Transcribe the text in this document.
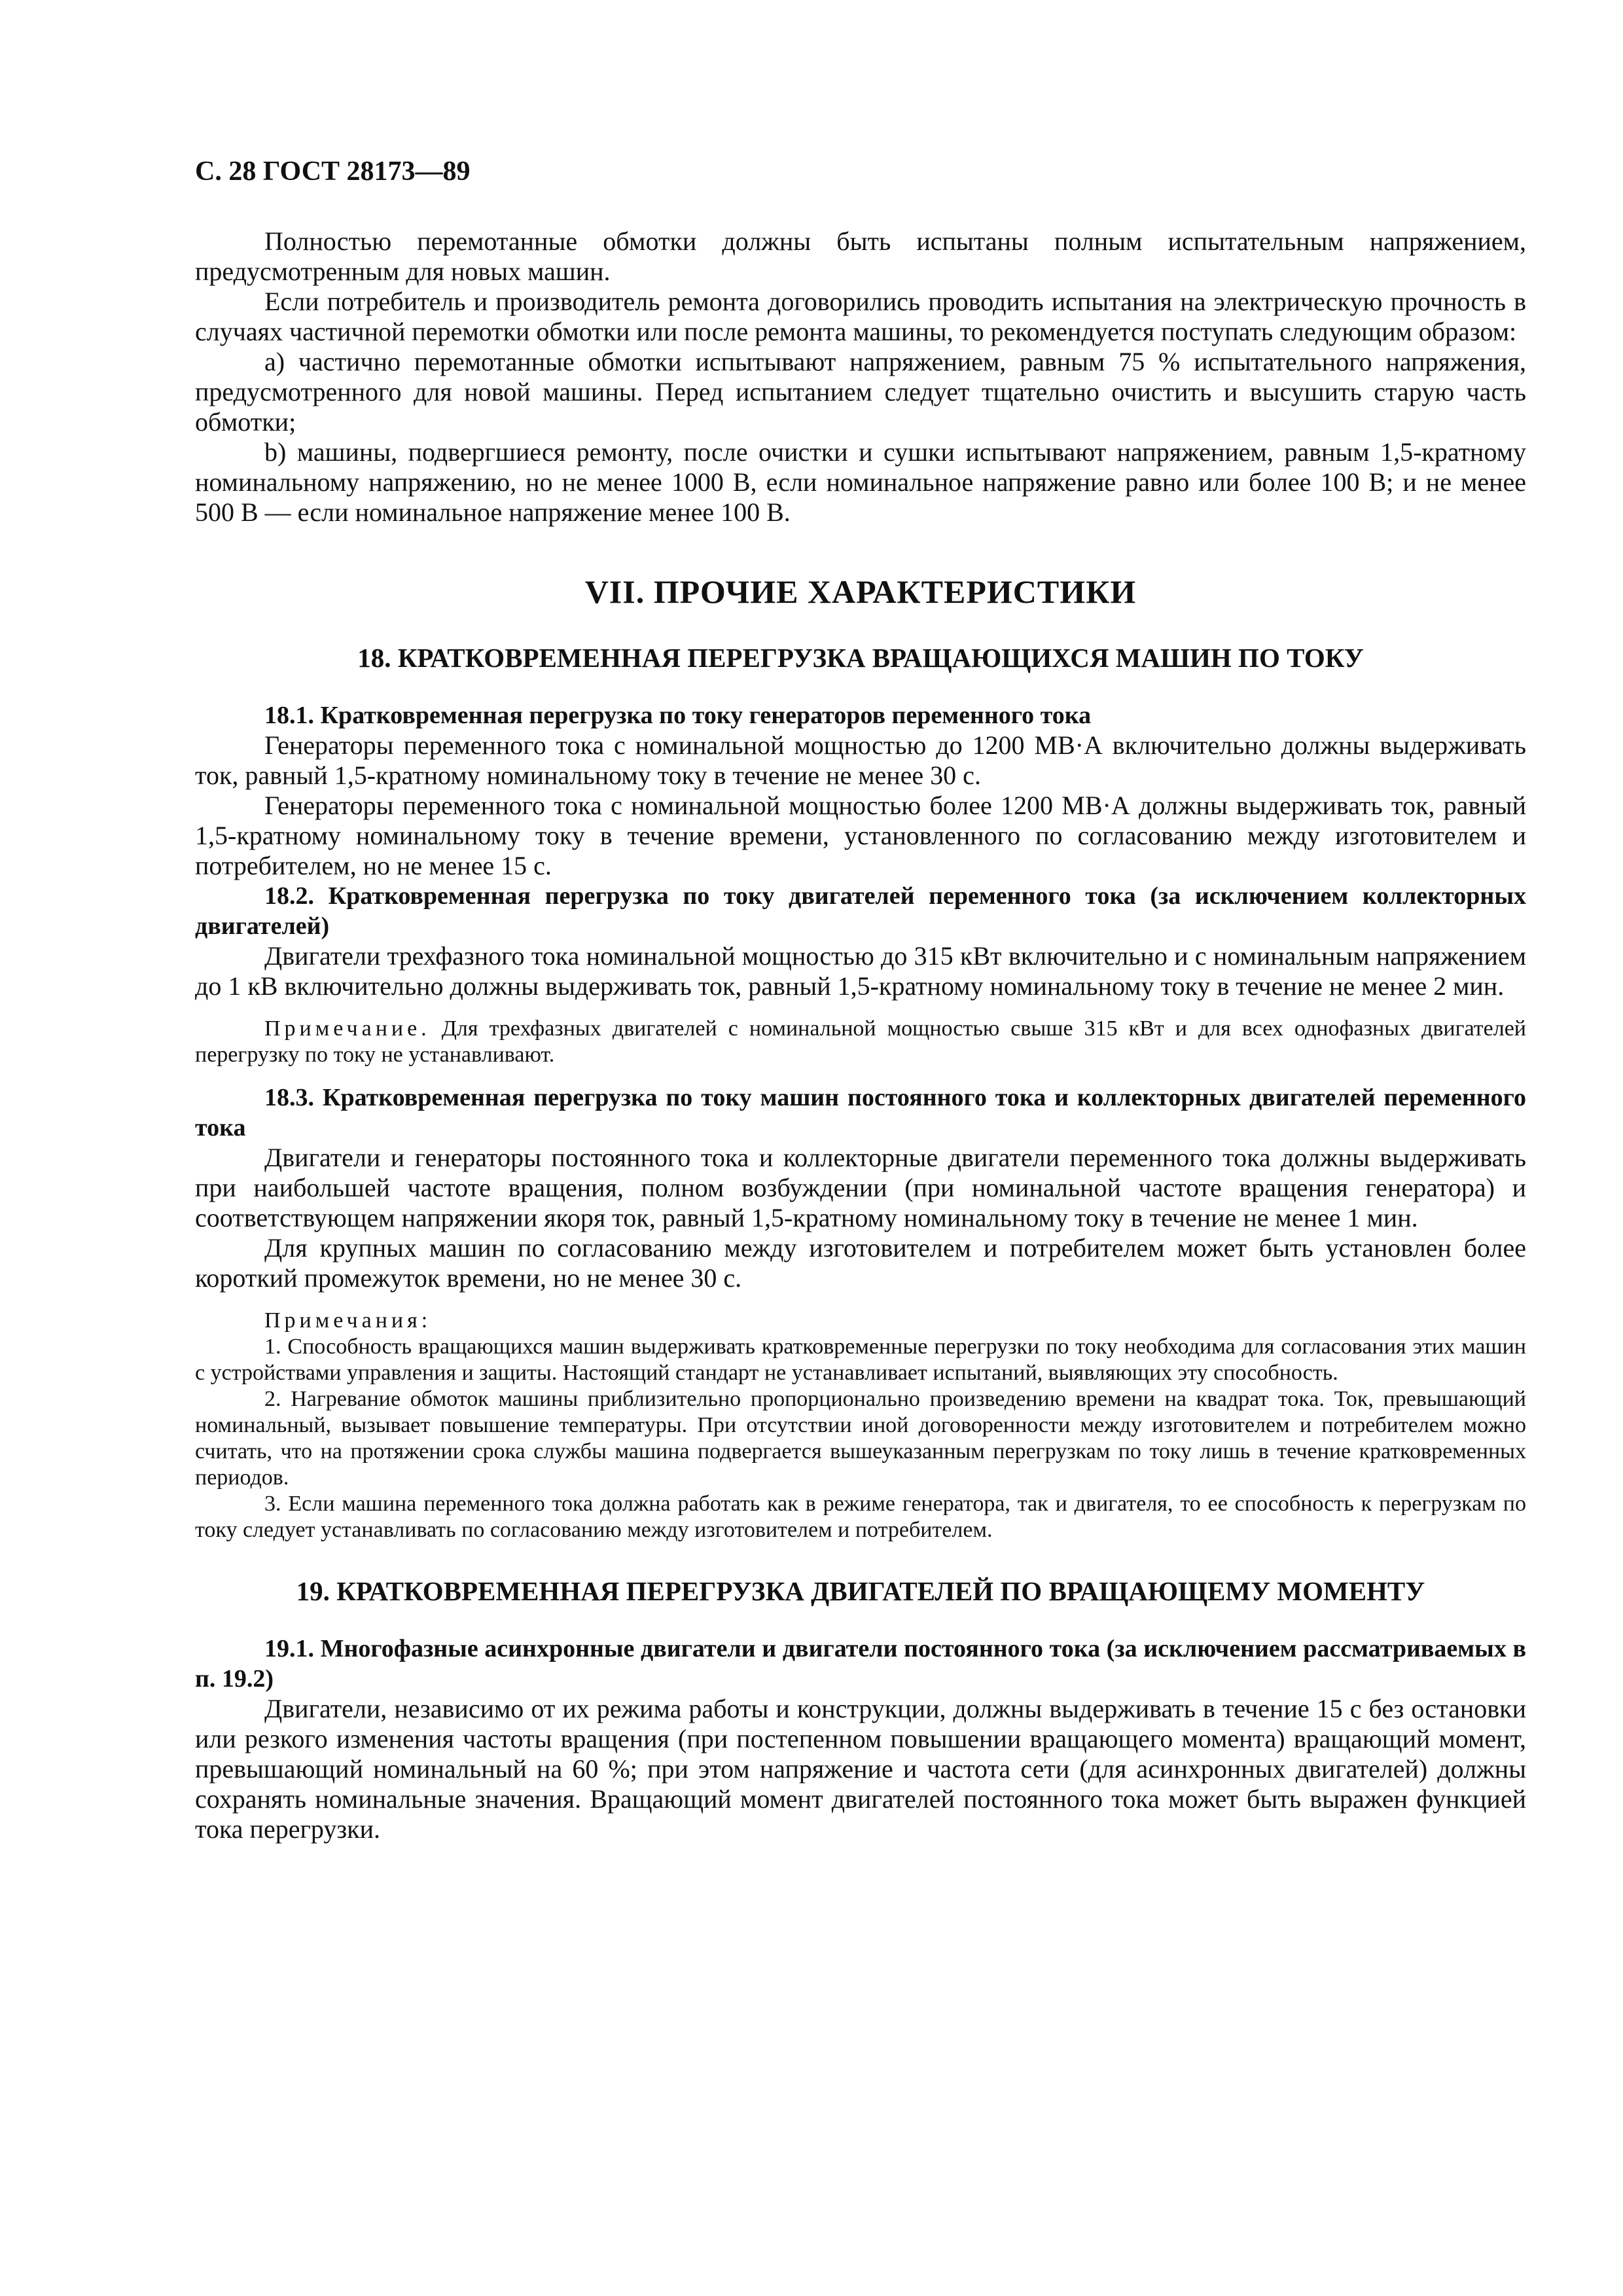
С. 28 ГОСТ 28173—89

Полностью перемотанные обмотки должны быть испытаны полным испытательным напряжением, предусмотренным для новых машин.

Если потребитель и производитель ремонта договорились проводить испытания на электрическую прочность в случаях частичной перемотки обмотки или после ремонта машины, то рекомендуется поступать следующим образом:

а) частично перемотанные обмотки испытывают напряжением, равным 75 % испытательного напряжения, предусмотренного для новой машины. Перед испытанием следует тщательно очистить и высушить старую часть обмотки;

b) машины, подвергшиеся ремонту, после очистки и сушки испытывают напряжением, равным 1,5-кратному номинальному напряжению, но не менее 1000 В, если номинальное напряжение равно или более 100 В; и не менее 500 В — если номинальное напряжение менее 100 В.

VII. ПРОЧИЕ ХАРАКТЕРИСТИКИ
18. КРАТКОВРЕМЕННАЯ ПЕРЕГРУЗКА ВРАЩАЮЩИХСЯ МАШИН ПО ТОКУ

18.1. Кратковременная перегрузка по току генераторов переменного тока

Генераторы переменного тока с номинальной мощностью до 1200 МВ·А включительно должны выдерживать ток, равный 1,5-кратному номинальному току в течение не менее 30 с.

Генераторы переменного тока с номинальной мощностью более 1200 МВ·А должны выдерживать ток, равный 1,5-кратному номинальному току в течение времени, установленного по согласованию между изготовителем и потребителем, но не менее 15 с.

18.2. Кратковременная перегрузка по току двигателей переменного тока (за исключением коллекторных двигателей)

Двигатели трехфазного тока номинальной мощностью до 315 кВт включительно и с номинальным напряжением до 1 кВ включительно должны выдерживать ток, равный 1,5-кратному номинальному току в течение не менее 2 мин.

Примечание. Для трехфазных двигателей с номинальной мощностью свыше 315 кВт и для всех однофазных двигателей перегрузку по току не устанавливают.

18.3. Кратковременная перегрузка по току машин постоянного тока и коллекторных двигателей переменного тока

Двигатели и генераторы постоянного тока и коллекторные двигатели переменного тока должны выдерживать при наибольшей частоте вращения, полном возбуждении (при номинальной частоте вращения генератора) и соответствующем напряжении якоря ток, равный 1,5-кратному номинальному току в течение не менее 1 мин.

Для крупных машин по согласованию между изготовителем и потребителем может быть установлен более короткий промежуток времени, но не менее 30 с.

Примечания:

1. Способность вращающихся машин выдерживать кратковременные перегрузки по току необходима для согласования этих машин с устройствами управления и защиты. Настоящий стандарт не устанавливает испытаний, выявляющих эту способность.

2. Нагревание обмоток машины приблизительно пропорционально произведению времени на квадрат тока. Ток, превышающий номинальный, вызывает повышение температуры. При отсутствии иной договоренности между изготовителем и потребителем можно считать, что на протяжении срока службы машина подвергается вышеуказанным перегрузкам по току лишь в течение кратковременных периодов.

3. Если машина переменного тока должна работать как в режиме генератора, так и двигателя, то ее способность к перегрузкам по току следует устанавливать по согласованию между изготовителем и потребителем.

19. КРАТКОВРЕМЕННАЯ ПЕРЕГРУЗКА ДВИГАТЕЛЕЙ ПО ВРАЩАЮЩЕМУ МОМЕНТУ

19.1. Многофазные асинхронные двигатели и двигатели постоянного тока (за исключением рассматриваемых в п. 19.2)

Двигатели, независимо от их режима работы и конструкции, должны выдерживать в течение 15 с без остановки или резкого изменения частоты вращения (при постепенном повышении вращающего момента) вращающий момент, превышающий номинальный на 60 %; при этом напряжение и частота сети (для асинхронных двигателей) должны сохранять номинальные значения. Вращающий момент двигателей постоянного тока может быть выражен функцией тока перегрузки.
